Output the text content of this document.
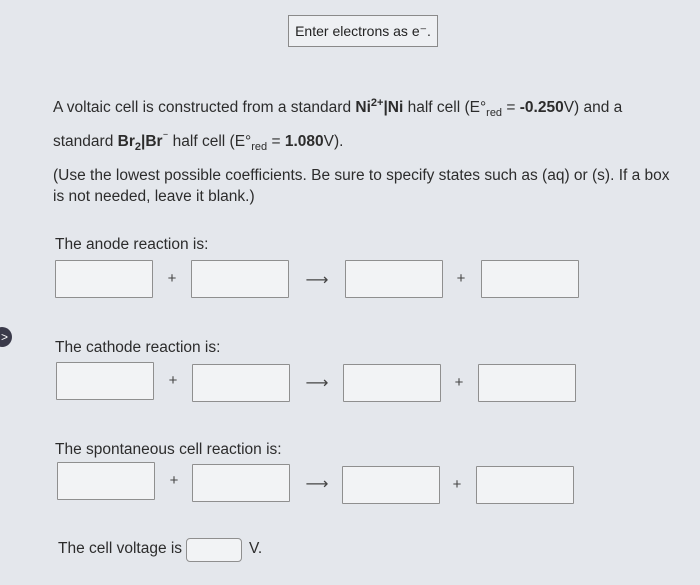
>
Enter electrons as e⁻.
A voltaic cell is constructed from a standard $Ni^{2+}|Ni$ half cell $(E^\circ_{red} = -0.250V)$ and a
standard $Br_2|Br^{^-}$ half cell $(E^\circ_{red} = 1.080V)$.
(Use the lowest possible coefficients. Be sure to specify states such as (aq) or (s). If a box is not needed, leave it blank.)
The anode reaction is:
+	⟶	+
The cathode reaction is:
+	⟶	+
The spontaneous cell reaction is:
+	⟶	+
The cell voltage is	V.
